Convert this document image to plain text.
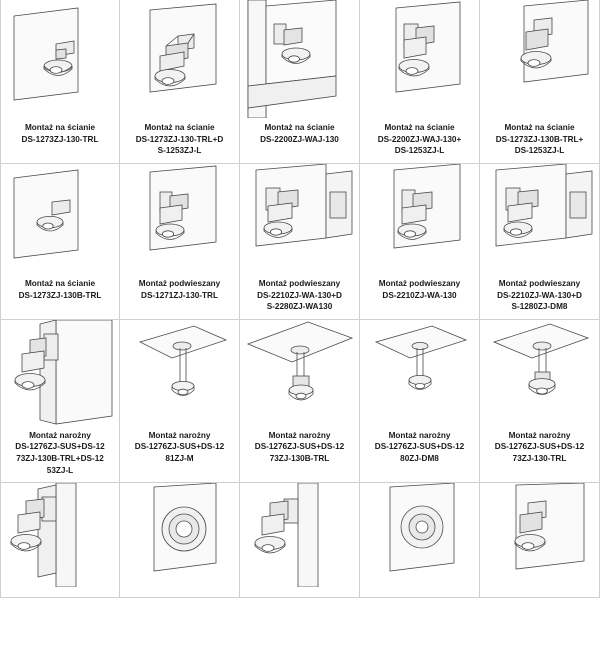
Montaż na ścianie
DS-1273ZJ-130-TRL
Montaż na ścianie
DS-1273ZJ-130-TRL+D
S-1253ZJ-L
Montaż na ścianie
DS-2200ZJ-WAJ-130
Montaż na ścianie
DS-2200ZJ-WAJ-130+
DS-1253ZJ-L
Montaż na ścianie
DS-1273ZJ-130B-TRL+
DS-1253ZJ-L
Montaż na ścianie
DS-1273ZJ-130B-TRL
Montaż podwieszany
DS-1271ZJ-130-TRL
Montaż podwieszany
DS-2210ZJ-WA-130+D
S-2280ZJ-WA130
Montaż podwieszany
DS-2210ZJ-WA-130
Montaż podwieszany
DS-2210ZJ-WA-130+D
S-1280ZJ-DM8
Montaż narożny
DS-1276ZJ-SUS+DS-12
73ZJ-130B-TRL+DS-12
53ZJ-L
Montaż narożny
DS-1276ZJ-SUS+DS-12
81ZJ-M
Montaż narożny
DS-1276ZJ-SUS+DS-12
73ZJ-130B-TRL
Montaż narożny
DS-1276ZJ-SUS+DS-12
80ZJ-DM8
Montaż narożny
DS-1276ZJ-SUS+DS-12
73ZJ-130-TRL
